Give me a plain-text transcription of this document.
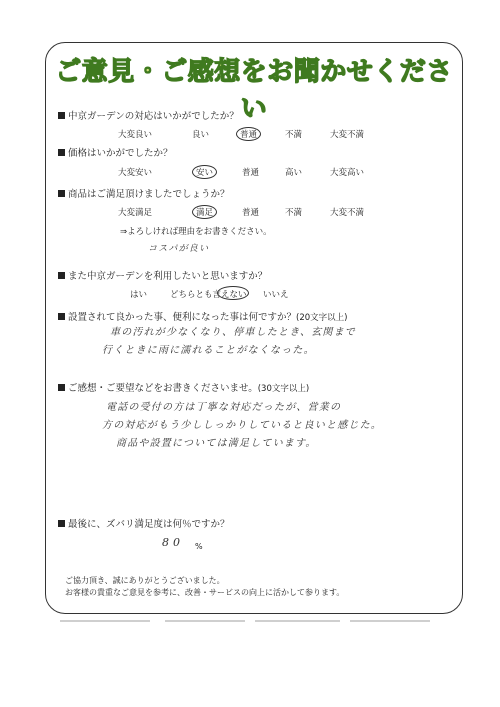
ご意見・ご感想をお聞かせください
中京ガーデンの対応はいかがでしたか？
大変良い	良い	普通	不満	大変不満
価格はいかがでしたか？
大変安い	安い	普通	高い	大変高い
商品はご満足頂けましたでしょうか？
大変満足	満足	普通	不満	大変不満
⇒よろしければ理由をお書きください。
コスパが良い
また中京ガーデンを利用したいと思いますか？
はい	どちらとも言えない いいえ
設置されて良かった事、便利になった事は何ですか？(20文字以上)
車の汚れが少なくなり、停車したとき、玄関まで
行くときに雨に濡れることがなくなった。
ご感想・ご要望などをお書きくださいませ。(30文字以上)
電話の受付の方は丁寧な対応だったが、営業の
方の対応がもう少ししっかりしていると良いと感じた。
商品や設置については満足しています。
最後に、ズバリ満足度は何％ですか？
80 %
ご協力頂き、誠にありがとうございました。
お客様の貴重なご意見を参考に、改善・サービスの向上に活かして参ります。
